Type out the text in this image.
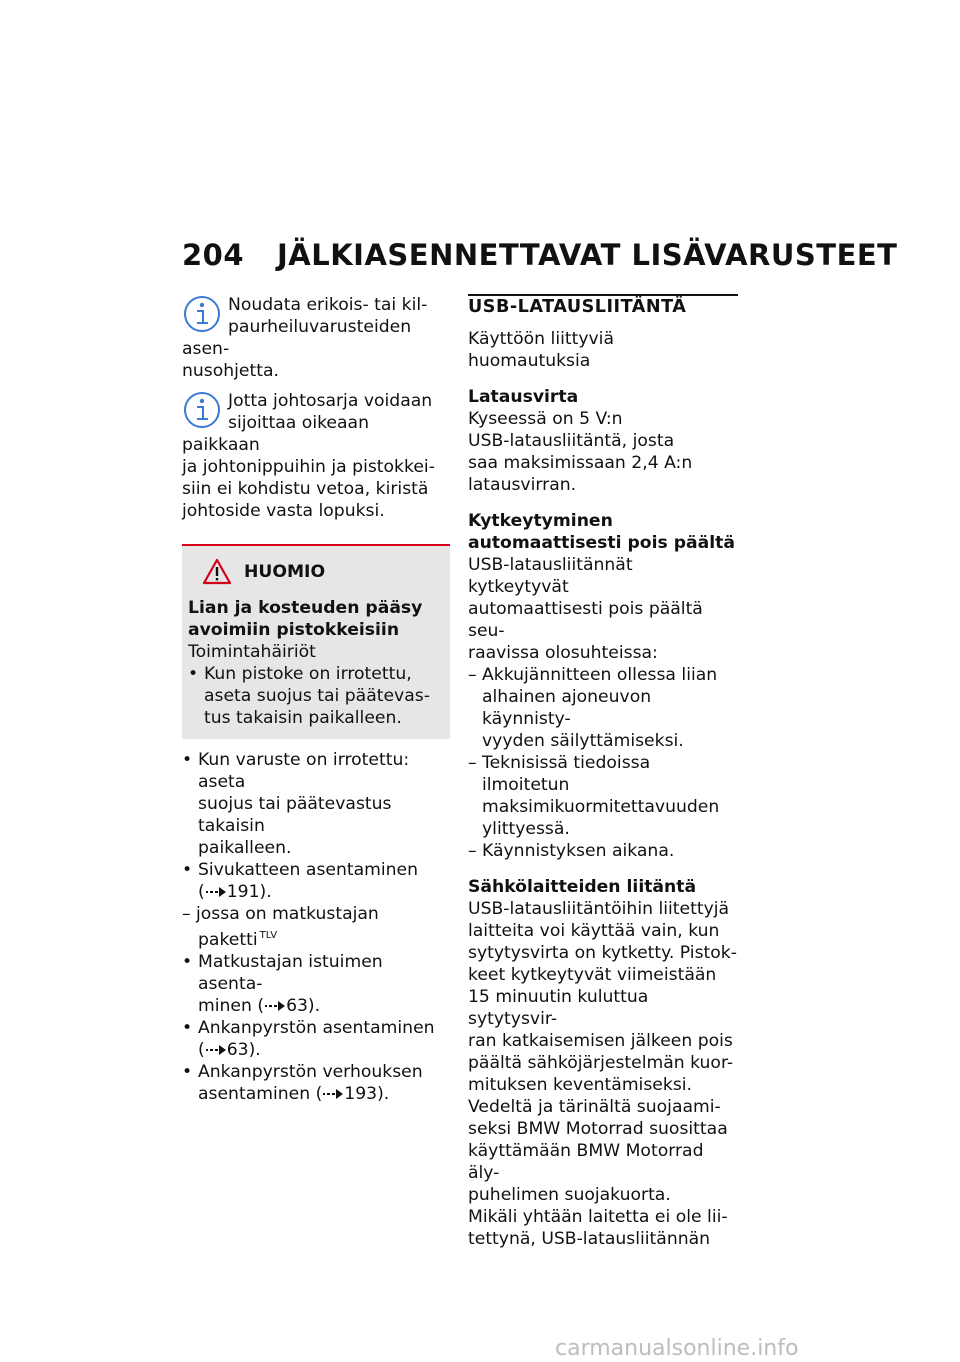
204 JÄLKIASENNETTAVAT LISÄVARUSTEET

Noudata erikois- tai kil-

paurheiluvarusteiden asen-

nusohjetta.

Jotta johtosarja voidaan

sijoittaa oikeaan paikkaan

ja johtonippuihin ja pistokkei-

siin ei kohdistu vetoa, kiristä

johtoside vasta lopuksi.

HUOMIO

Lian ja kosteuden pääsy

avoimiin pistokkeisiin

Toimintahäiriöt

• Kun pistoke on irrotettu,
aseta suojus tai päätevas-
tus takaisin paikalleen.
• Kun varuste on irrotettu: aseta
suojus tai päätevastus takaisin
paikalleen.
• Sivukatteen asentaminen
( 191).
– jossa on matkustajan
paketti $^{TLV}$
• Matkustajan istuimen asenta-
minen ( 63).
• Ankanpyrstön asentaminen
( 63).
• Ankanpyrstön verhouksen
asentaminen ( 193).
USB-LATAUSLIITÄNTÄ

Käyttöön liittyviä huomautuksia

Latausvirta

Kyseessä on 5 V:n

USB-latausliitäntä, josta

saa maksimissaan 2,4 A:n

latausvirran.

Kytkeytyminen

automaattisesti pois päältä

USB-latausliitännät kytkeytyvät

automaattisesti pois päältä seu-

raavissa olosuhteissa:

– Akkujännitteen ollessa liian
alhainen ajoneuvon käynnisty-
vyyden säilyttämiseksi.
– Teknisissä tiedoissa ilmoitetun
maksimikuormitettavuuden
ylittyessä.
– Käynnistyksen aikana.

Sähkölaitteiden liitäntä

USB-latausliitäntöihin liitettyjä

laitteita voi käyttää vain, kun

sytytysvirta on kytketty. Pistok-

keet kytkeytyvät viimeistään

15 minuutin kuluttua sytytysvir-

ran katkaisemisen jälkeen pois

päältä sähköjärjestelmän kuor-

mituksen keventämiseksi.

Vedeltä ja tärinältä suojaami-

seksi BMW Motorrad suosittaa

käyttämään BMW Motorrad äly-

puhelimen suojakuorta.

Mikäli yhtään laitetta ei ole lii-

tettynä, USB-latausliitännän

carmanualsonline.info
